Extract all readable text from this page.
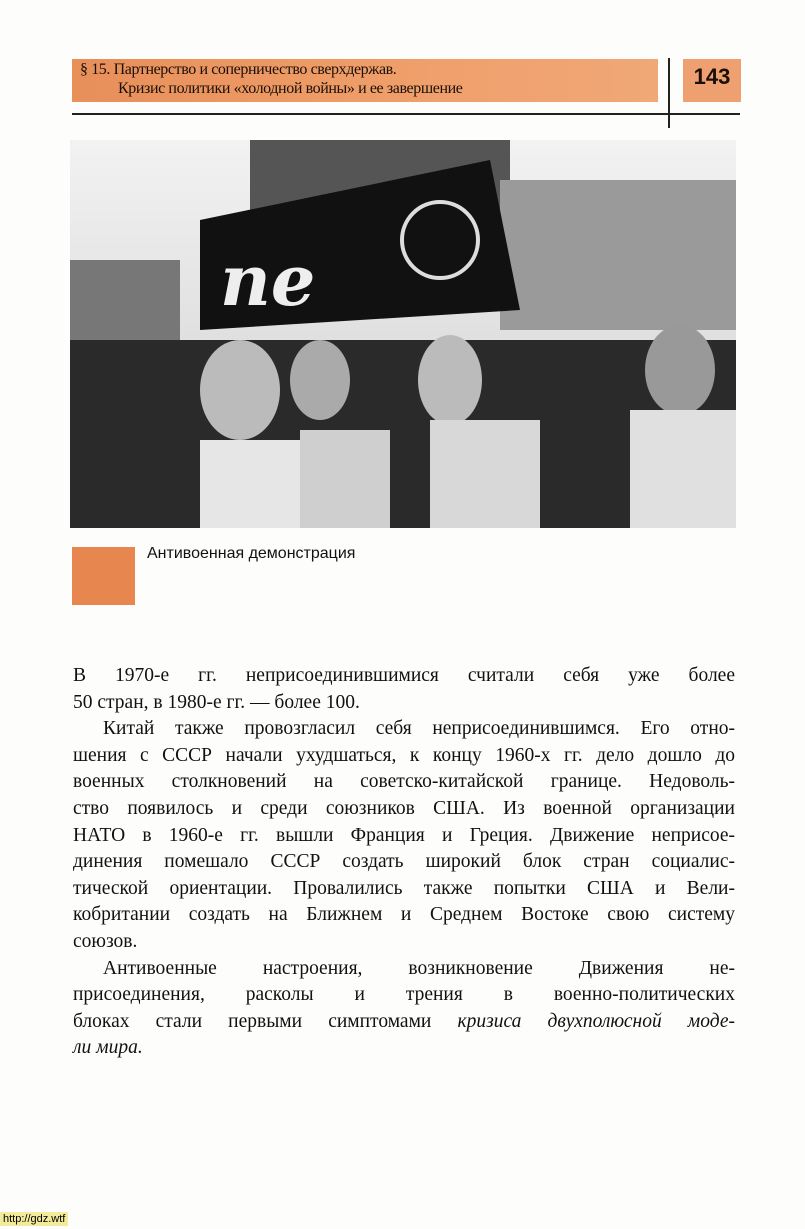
§ 15. Партнерство и соперничество сверхдержав.
Кризис политики «холодной войны» и ее завершение	143
ne
Антивоенная демонстрация
В 1970-е гг. неприсоединившимися считали себя уже более
50 стран, в 1980-е гг. — более 100.
Китай также провозгласил себя неприсоединившимся. Его отно-
шения с СССР начали ухудшаться, к концу 1960-х гг. дело дошло до
военных столкновений на советско-китайской границе. Недоволь-
ство появилось и среди союзников США. Из военной организации
НАТО в 1960-е гг. вышли Франция и Греция. Движение неприсое-
динения помешало СССР создать широкий блок стран социалис-
тической ориентации. Провалились также попытки США и Вели-
кобритании создать на Ближнем и Среднем Востоке свою систему
союзов.
Антивоенные настроения, возникновение Движения не-
присоединения, расколы и трения в военно-политических
блоках стали первыми симптомами кризиса двухполюсной моде-
ли мира.
http://gdz.wtf
